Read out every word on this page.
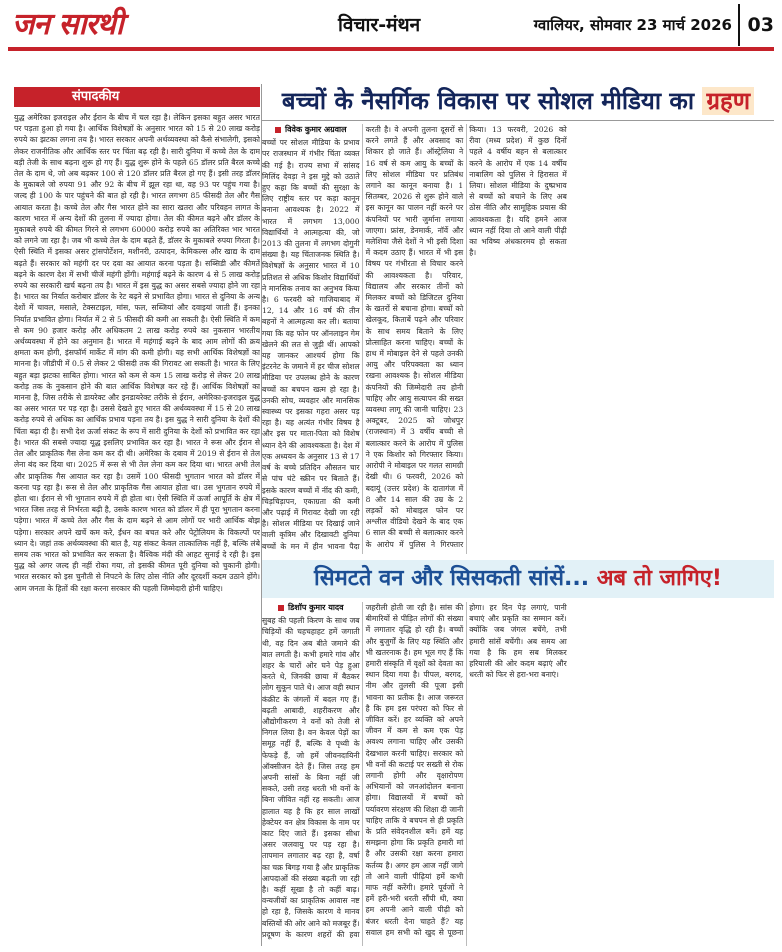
जन सारथी	विचार-मंथन	ग्वालियर, सोमवार 23 मार्च 2026 03
संपादकीय	बच्चों के नैसर्गिक विकास पर सोशल मीडिया का ग्रहण

युद्ध अमेरिका इजराइल और ईरान के बीच में चल रहा है। लेकिन इसका बहुत असर भारत पर पड़ता हुआ हो गया है। आर्थिक विशेषज्ञों के अनुसार भारत को 15 से 20 लाख करोड़ रुपये का झटका लगना तय है। भारत सरकार अपनी अर्थव्यवस्था को कैसे संभालेगी, इसको लेकर राजनीतिक और आर्थिक स्तर पर चिंता बढ़ रही है। सारी दुनिया में कच्चे तेल के दाम बड़ी तेजी के साथ बढ़ना शुरू हो गए हैं। युद्ध शुरू होने के पहले 65 डॉलर प्रति बैरल कच्चे तेल के दाम थे, जो अब बढ़कर 100 से 120 डॉलर प्रति बैरल हो गए हैं। इसी तरह डॉलर के मुकाबले जो रुपया 91 और 92 के बीच में झूल रहा था, वह 93 पर पहुंच गया है। जल्द ही 100 के पार पहुंचने की बात हो रही है। भारत लगभग 85 फीसदी तेल और गैस आयात करता है। कच्चे तेल और गैस भारत होने का सारा खतरा और परिवहन लागत के कारण भारत में अन्य देशों की तुलना में ज्यादा होगा। तेल की कीमत बढ़ने और डॉलर के मुकाबले रुपये की कीमत गिरने से लगभग 60000 करोड़ रुपये का अतिरिक्त भार भारत को लगने जा रहा है। जब भी कच्चे तेल के दाम बढ़ते हैं, डॉलर के मुकाबले रुपया गिरता है। ऐसी स्थिति में इसका असर ट्रांसपोर्टेशन, मशीनरी, उत्पादन, केमिकल्स और खाद्य के दाम बढ़ते हैं। सरकार को महंगी दर पर दवा का आयात करना पड़ता है। सब्सिडी और कीमतें बढ़ने के कारण देश में सभी चीजें महंगी होंगी। महंगाई बढ़ने के कारण 4 से 5 लाख करोड़ रुपये का सरकारी खर्च बढ़ना तय है। भारत में इस युद्ध का असर सबसे ज्यादा होने जा रहा है। भारत का निर्यात करोबार डॉलर के रेट बढ़ने से प्रभावित होगा। भारत से दुनिया के अन्य देशों में चावल, मसाले, टेक्सटाइल, मांस, फल, सब्जियां और दवाइयां जाती हैं। इनका निर्यात प्रभावित होगा। निर्यात में 2 से 5 फीसदी की कमी आ सकती है। ऐसी स्थिति में कम से कम 90 हजार करोड़ और अधिकतम 2 लाख करोड़ रुपये का नुकसान भारतीय अर्थव्यवस्था में होने का अनुमान है। भारत में महंगाई बढ़ने के बाद आम लोगों की क्रय क्षमता कम होगी, इंसफॉर्म मार्केट में मांग की कमी होगी। यह सभी आर्थिक विशेषज्ञों का मानना है। जीडीपी में 0.5 से लेकर 2 फीसदी तक की गिरावट आ सकती है। भारत के लिए बहुत बड़ा झटका साबित होगा। भारत को कम से कम 15 लाख करोड़ से लेकर 20 लाख करोड़ तक के नुकसान होने की बात आर्थिक विशेषज्ञ कर रहे हैं। आर्थिक विशेषज्ञों का मानना है, जिस तरीके से डायरेक्ट और इनडायरेक्ट तरीके से ईरान, अमेरिका-इजराइल युद्ध का असर भारत पर पड़ रहा है। उससे देखते हुए भारत की अर्थव्यवस्था में 15 से 20 लाख करोड़ रुपये से अधिक का आर्थिक प्रभाव पड़ना तय है। इस युद्ध ने सारी दुनिया के देशों की चिंता बढ़ा दी है। सभी देश ऊर्जा संकट के रूप में सारी दुनिया के देशों को प्रभावित कर रहा है। भारत की सबसे ज्यादा यूद्ध इसलिए प्रभावित कर रहा है। भारत ने रूस और ईरान से तेल और प्राकृतिक गैस लेना कम कर दी थी। अमेरिका के दबाव में 2019 से ईरान से तेल लेना बंद कर दिया था। 2025 में रूस से भी तेल लेना कम कर दिया था। भारत अभी तेल और प्राकृतिक गैस आयात कर रहा है। उसमें 100 फीसदी भुगतान भारत को डॉलर में करना पड़ रहा है। रूस से तेल और प्राकृतिक गैस आयात होता था। उस भुगतान रुपये में होता था। ईरान से भी भुगतान रुपये में ही होता था। ऐसी स्थिति में ऊर्जा आपूर्ति के क्षेत्र में भारत जिस तरह से निर्भरता बढ़ी है, उसके कारण भारत को डॉलर में ही पूरा भुगतान करना पड़ेगा। भारत में कच्चे तेल और गैस के दाम बढ़ने से आम लोगों पर भारी आर्थिक बोझ पड़ेगा। सरकार अपने खर्चे कम करे, ईंधन का बचत करे और पेट्रोलियम के विकल्पों पर ध्यान दे। जहां तक अर्थव्यवस्था की बात है, यह संकट केवल तात्कालिक नहीं है, बल्कि लंबे समय तक भारत को प्रभावित कर सकता है। वैश्विक मंदी की आहट सुनाई दे रही है। इस युद्ध को अगर जल्द ही नहीं रोका गया, तो इसकी कीमत पूरी दुनिया को चुकानी होगी। भारत सरकार को इस चुनौती से निपटने के लिए ठोस नीति और दूरदर्शी कदम उठाने होंगे। आम जनता के हितों की रक्षा करना सरकार की पहली जिम्मेदारी होनी चाहिए।

विवेक कुमार अग्रवाल

बच्चों पर सोशल मीडिया के प्रभाव पर राजस्थान में गंभीर चिंता व्यक्त की गई है। राज्य सभा में सांसद मिलिंद देवड़ा ने इस मुद्दे को उठाते हुए कहा कि बच्चों की सुरक्षा के लिए राष्ट्रीय स्तर पर कड़ा कानून बनाना आवश्यक है। 2022 में भारत में लगभग 13,000 विद्यार्थियों ने आत्महत्या की, जो 2013 की तुलना में लगभग दोगुनी संख्या है। यह चिंताजनक स्थिति है। विशेषज्ञों के अनुसार भारत में 10 प्रतिशत से अधिक किशोर विद्यार्थियों ने मानसिक तनाव का अनुभव किया है। 6 फरवरी को गाजियाबाद में 12, 14 और 16 वर्ष की तीन बहनों ने आत्महत्या कर ली। बताया गया कि वह फोन पर ऑनलाइन गेम खेलने की लत से जुड़ी थीं। आपको यह जानकर आश्चर्य होगा कि इंटरनेट के जमाने में हर चीज सोशल मीडिया पर उपलब्ध होने के कारण बच्चों का बचपन खत्म हो रहा है। उनकी सोच, व्यवहार और मानसिक स्वास्थ्य पर इसका गहरा असर पड़ रहा है। यह अत्यंत गंभीर विषय है और इस पर माता-पिता को विशेष ध्यान देने की आवश्यकता है। देश में एक अध्ययन के अनुसार 13 से 17 वर्ष के बच्चे प्रतिदिन औसतन चार से पांच घंटे स्क्रीन पर बिताते हैं। इसके कारण बच्चों में नींद की कमी, चिड़चिड़ापन, एकाग्रता की कमी और पढ़ाई में गिरावट देखी जा रही है। सोशल मीडिया पर दिखाई जाने वाली कृत्रिम और दिखावटी दुनिया बच्चों के मन में हीन भावना पैदा करती है। वे अपनी तुलना दूसरों से करने लगते हैं और अवसाद का शिकार हो जाते हैं। ऑस्ट्रेलिया ने 16 वर्ष से कम आयु के बच्चों के लिए सोशल मीडिया पर प्रतिबंध लगाने का कानून बनाया है। 1 सितम्बर, 2026 से शुरू होने वाले इस कानून का पालन नहीं करने पर कंपनियों पर भारी जुर्माना लगाया जाएगा। फ्रांस, डेनमार्क, नॉर्वे और मलेशिया जैसे देशों ने भी इसी दिशा में कदम उठाए हैं। भारत में भी इस विषय पर गंभीरता से विचार करने की आवश्यकता है। परिवार, विद्यालय और सरकार तीनों को मिलकर बच्चों को डिजिटल दुनिया के खतरों से बचाना होगा। बच्चों को खेलकूद, किताबें पढ़ने और परिवार के साथ समय बिताने के लिए प्रोत्साहित करना चाहिए। बच्चों के हाथ में मोबाइल देने से पहले उनकी आयु और परिपक्वता का ध्यान रखना आवश्यक है। सोशल मीडिया कंपनियों की जिम्मेदारी तय होनी चाहिए और आयु सत्यापन की सख्त व्यवस्था लागू की जानी चाहिए। 23 अक्टूबर, 2025 को जोधपुर (राजस्थान) में 3 वर्षीय बच्ची से बलात्कार करने के आरोप में पुलिस ने एक किशोर को गिरफ्तार किया। आरोपी ने मोबाइल पर गलत सामग्री देखी थी। 6 फरवरी, 2026 को बदायूं (उत्तर प्रदेश) के दातागंज में 8 और 14 साल की उम्र के 2 लड़कों को मोबाइल फोन पर अश्लील वीडियो देखने के बाद एक 6 साल की बच्ची से बलात्कार करने के आरोप में पुलिस ने गिरफ्तार किया। 13 फरवरी, 2026 को रीवा (मध्य प्रदेश) में कुछ दिनों पहले 4 वर्षीय बहन से बलात्कार करने के आरोप में एक 14 वर्षीय नाबालिग को पुलिस ने हिरासत में लिया। सोशल मीडिया के दुष्प्रभाव से बच्चों को बचाने के लिए अब ठोस नीति और सामूहिक प्रयास की आवश्यकता है। यदि हमने आज ध्यान नहीं दिया तो आने वाली पीढ़ी का भविष्य अंधकारमय हो सकता है।

सिमटते वन और सिसकती सांसें... अब तो जागिए!
डिशॉप कुमार यादव

सुबह की पहली किरण के साथ जब चिड़ियों की चहचहाहट हमें जगाती थी, वह दिन अब बीते जमाने की बात लगती है। कभी हमारे गांव और शहर के चारों ओर घने पेड़ हुआ करते थे, जिनकी छाया में बैठकर लोग सुकून पाते थे। आज वही स्थान कंक्रीट के जंगलों में बदल गए हैं। बढ़ती आबादी, शहरीकरण और औद्योगीकरण ने वनों को तेजी से निगल लिया है। वन केवल पेड़ों का समूह नहीं हैं, बल्कि वे पृथ्वी के फेफड़े हैं, जो हमें जीवनदायिनी ऑक्सीजन देते हैं। जिस तरह हम अपनी सांसों के बिना नहीं जी सकते, उसी तरह धरती भी वनों के बिना जीवित नहीं रह सकती। आज हालात यह है कि हर साल लाखों हेक्टेयर वन क्षेत्र विकास के नाम पर काट दिए जाते हैं। इसका सीधा असर जलवायु पर पड़ रहा है। तापमान लगातार बढ़ रहा है, वर्षा का चक्र बिगड़ गया है और प्राकृतिक आपदाओं की संख्या बढ़ती जा रही है। कहीं सूखा है तो कहीं बाढ़। वन्यजीवों का प्राकृतिक आवास नष्ट हो रहा है, जिसके कारण वे मानव बस्तियों की ओर आने को मजबूर हैं। प्रदूषण के कारण शहरों की हवा जहरीली होती जा रही है। सांस की बीमारियों से पीड़ित लोगों की संख्या में लगातार वृद्धि हो रही है। बच्चों और बुजुर्गों के लिए यह स्थिति और भी खतरनाक है। हम भूल गए हैं कि हमारी संस्कृति में वृक्षों को देवता का स्थान दिया गया है। पीपल, बरगद, नीम और तुलसी की पूजा इसी भावना का प्रतीक है। आज जरूरत है कि हम इस परंपरा को फिर से जीवित करें। हर व्यक्ति को अपने जीवन में कम से कम एक पेड़ अवश्य लगाना चाहिए और उसकी देखभाल करनी चाहिए। सरकार को भी वनों की कटाई पर सख्ती से रोक लगानी होगी और वृक्षारोपण अभियानों को जनआंदोलन बनाना होगा। विद्यालयों में बच्चों को पर्यावरण संरक्षण की शिक्षा दी जानी चाहिए ताकि वे बचपन से ही प्रकृति के प्रति संवेदनशील बनें। हमें यह समझना होगा कि प्रकृति हमारी मां है और उसकी रक्षा करना हमारा कर्तव्य है। अगर हम आज नहीं जागे तो आने वाली पीढ़ियां हमें कभी माफ नहीं करेंगी। हमारे पूर्वजों ने हमें हरी-भरी धरती सौंपी थी, क्या हम अपनी आने वाली पीढ़ी को बंजर धरती देना चाहते हैं? यह सवाल हम सभी को खुद से पूछना होगा। हर दिन पेड़ लगाएं, पानी बचाएं और प्रकृति का सम्मान करें। क्योंकि जब जंगल बचेंगे, तभी हमारी सांसें बचेंगी। अब समय आ गया है कि हम सब मिलकर हरियाली की ओर कदम बढ़ाएं और धरती को फिर से हरा-भरा बनाएं।
